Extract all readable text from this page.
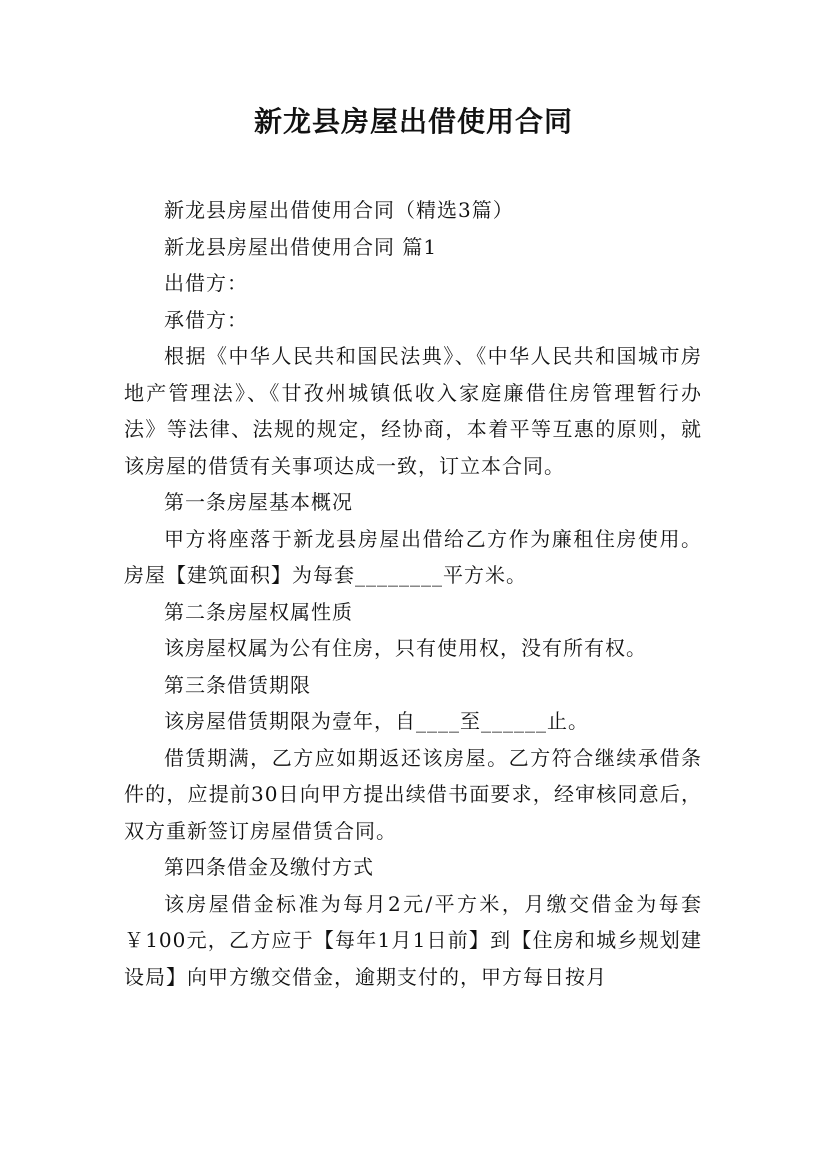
新龙县房屋出借使用合同

新龙县房屋出借使用合同（精选3篇）

新龙县房屋出借使用合同 篇1

出借方：

承借方：

根据《中华人民共和国民法典》、《中华人民共和国城市房地产管理法》、《甘孜州城镇低收入家庭廉借住房管理暂行办法》等法律、法规的规定，经协商，本着平等互惠的原则，就该房屋的借赁有关事项达成一致，订立本合同。

第一条房屋基本概况

甲方将座落于新龙县房屋出借给乙方作为廉租住房使用。房屋【建筑面积】为每套________平方米。

第二条房屋权属性质

该房屋权属为公有住房，只有使用权，没有所有权。

第三条借赁期限

该房屋借赁期限为壹年，自____至______止。

借赁期满，乙方应如期返还该房屋。乙方符合继续承借条件的，应提前30日向甲方提出续借书面要求，经审核同意后，双方重新签订房屋借赁合同。

第四条借金及缴付方式

该房屋借金标准为每月2元/平方米，月缴交借金为每套￥100元，乙方应于【每年1月1日前】到【住房和城乡规划建设局】向甲方缴交借金，逾期支付的，甲方每日按月
